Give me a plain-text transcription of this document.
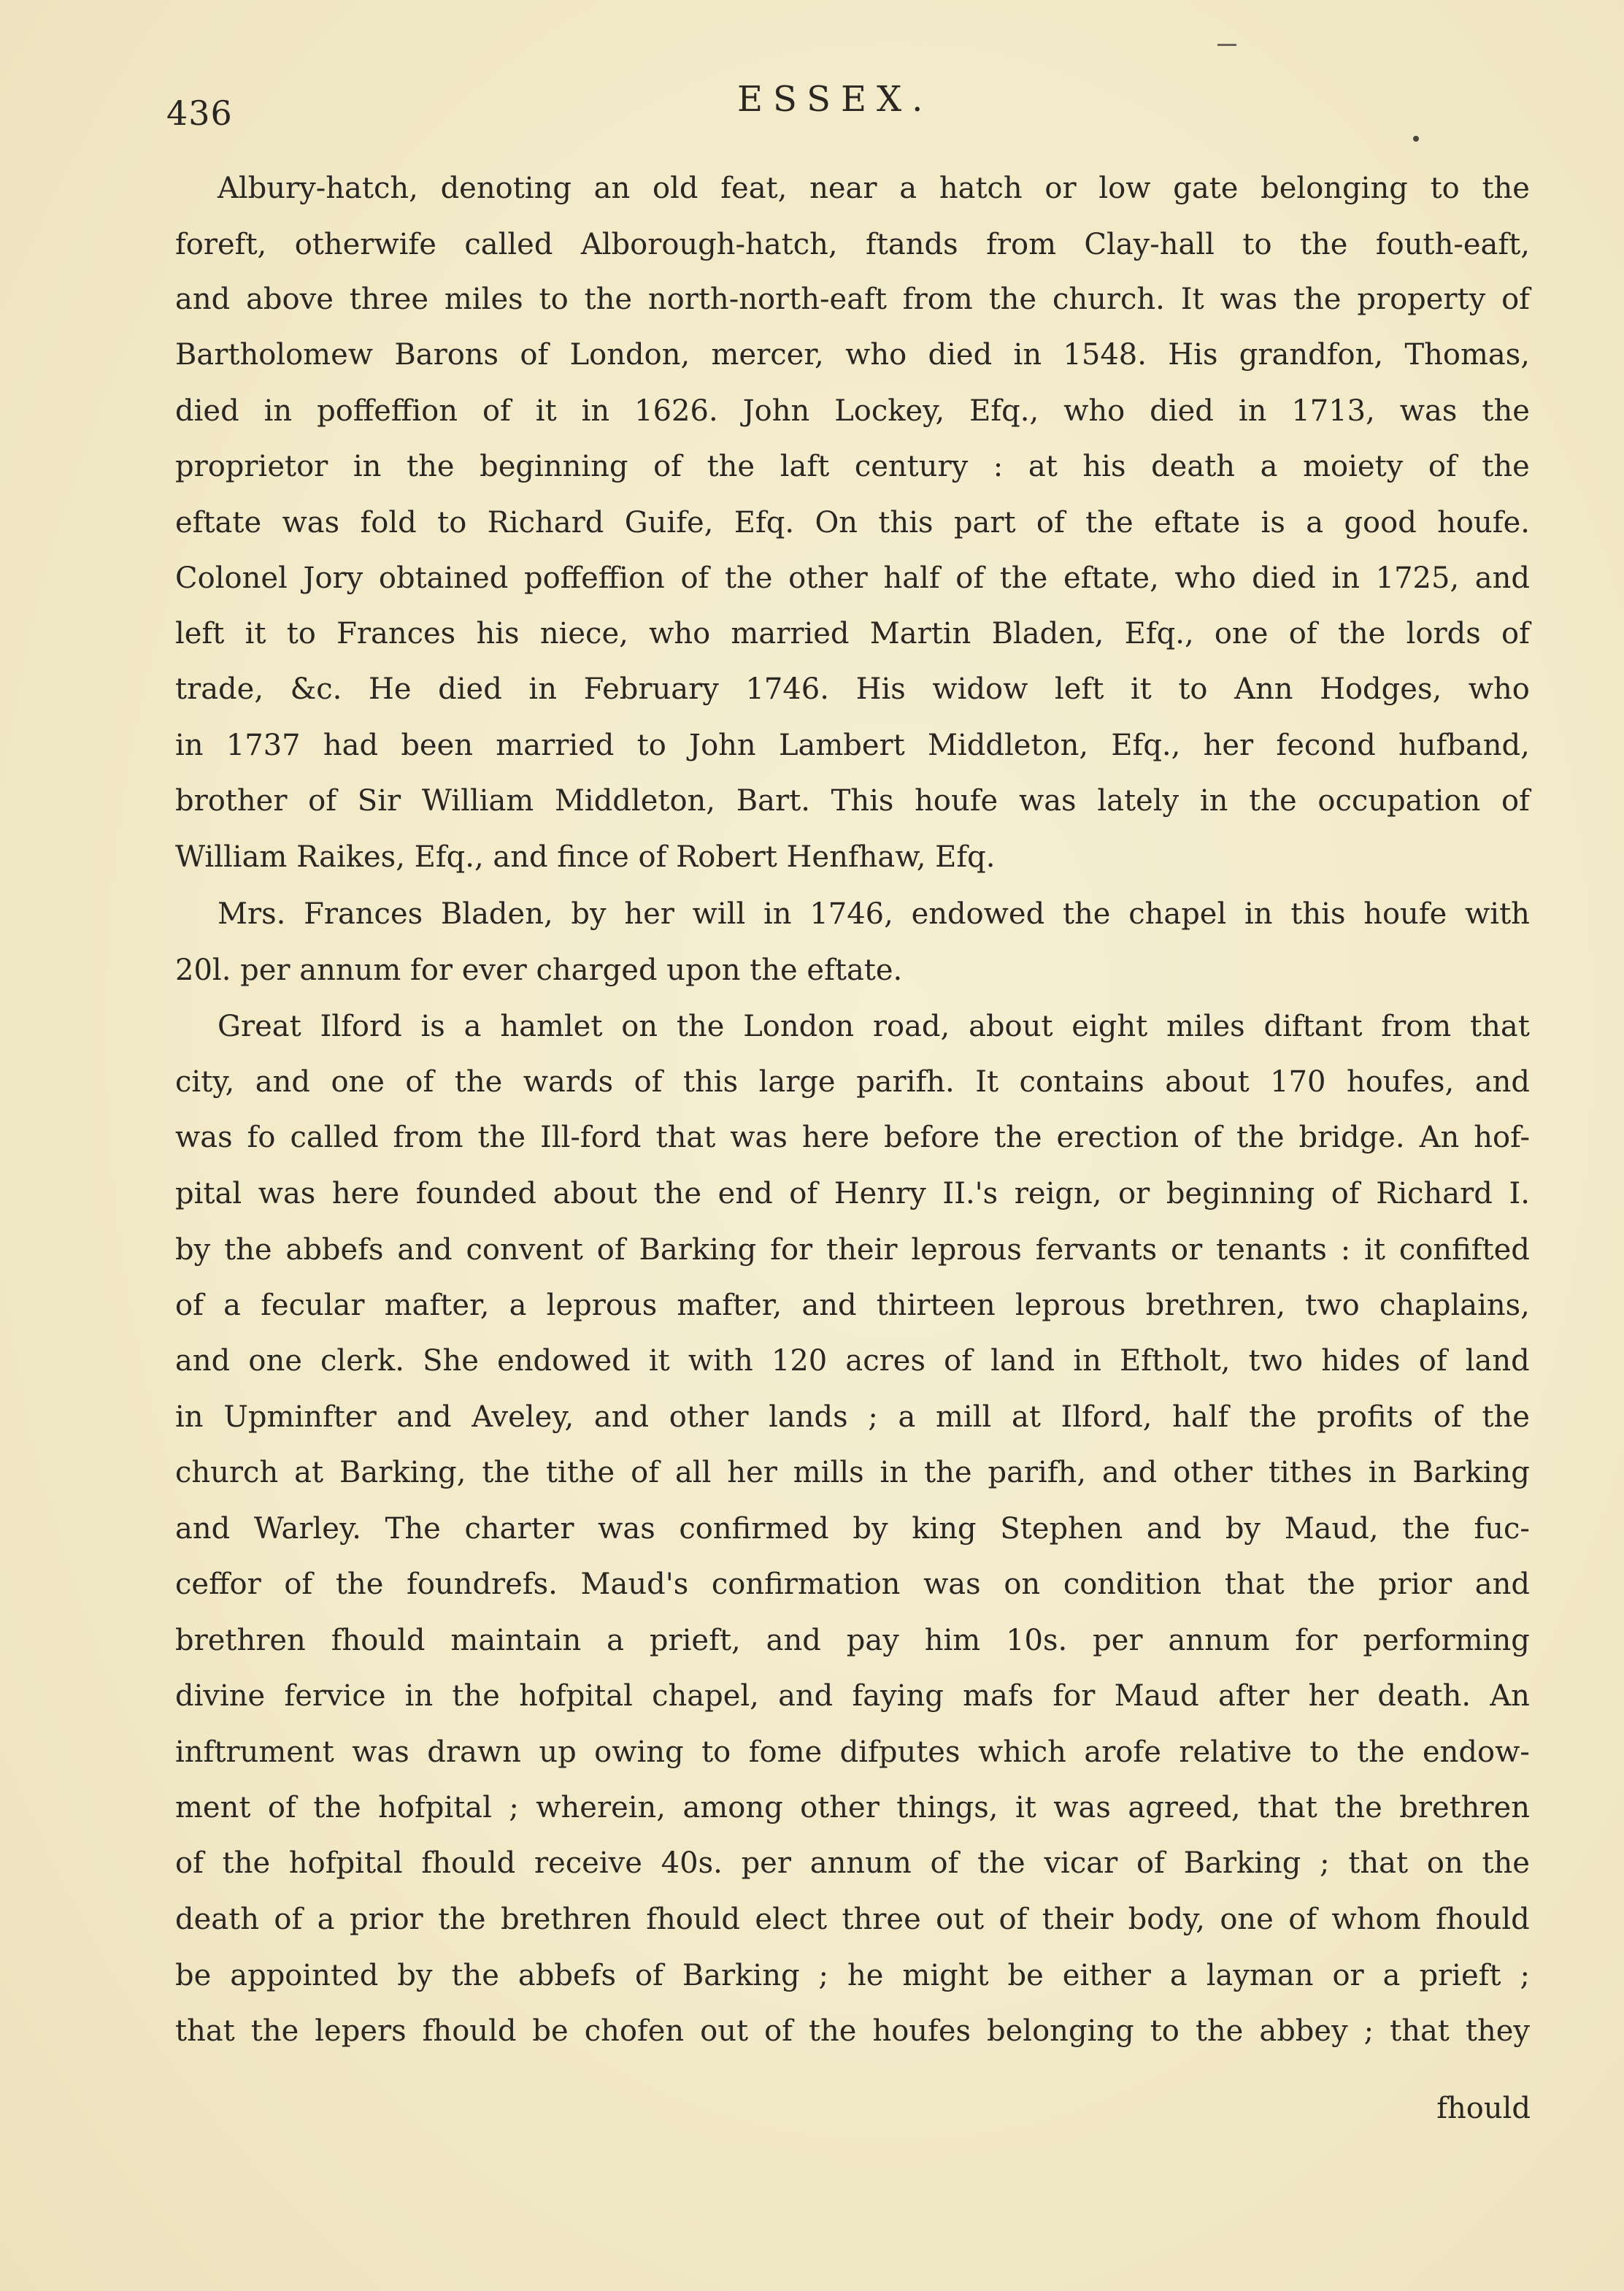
436	ESSEX.
Albury-hatch, denoting an old feat, near a hatch or low gate belonging to the
foreft, otherwife called Alborough-hatch, ftands from Clay-hall to the fouth-eaft,
and above three miles to the north-north-eaft from the church. It was the property of
Bartholomew Barons of London, mercer, who died in 1548. His grandfon, Thomas,
died in poffeffion of it in 1626. John Lockey, Efq., who died in 1713, was the
proprietor in the beginning of the laft century : at his death a moiety of the
eftate was fold to Richard Guife, Efq. On this part of the eftate is a good houfe.
Colonel Jory obtained poffeffion of the other half of the eftate, who died in 1725, and
left it to Frances his niece, who married Martin Bladen, Efq., one of the lords of
trade, &c. He died in February 1746. His widow left it to Ann Hodges, who
in 1737 had been married to John Lambert Middleton, Efq., her fecond hufband,
brother of Sir William Middleton, Bart. This houfe was lately in the occupation of
William Raikes, Efq., and fince of Robert Henfhaw, Efq.
Mrs. Frances Bladen, by her will in 1746, endowed the chapel in this houfe with
20l. per annum for ever charged upon the eftate.
Great Ilford is a hamlet on the London road, about eight miles diftant from that
city, and one of the wards of this large parifh. It contains about 170 houfes, and
was fo called from the Ill-ford that was here before the erection of the bridge. An hof-
pital was here founded about the end of Henry II.'s reign, or beginning of Richard I.
by the abbefs and convent of Barking for their leprous fervants or tenants : it confifted
of a fecular mafter, a leprous mafter, and thirteen leprous brethren, two chaplains,
and one clerk. She endowed it with 120 acres of land in Eftholt, two hides of land
in Upminfter and Aveley, and other lands ; a mill at Ilford, half the profits of the
church at Barking, the tithe of all her mills in the parifh, and other tithes in Barking
and Warley. The charter was confirmed by king Stephen and by Maud, the fuc-
ceffor of the foundrefs. Maud's confirmation was on condition that the prior and
brethren fhould maintain a prieft, and pay him 10s. per annum for performing
divine fervice in the hofpital chapel, and faying mafs for Maud after her death. An
inftrument was drawn up owing to fome difputes which arofe relative to the endow-
ment of the hofpital ; wherein, among other things, it was agreed, that the brethren
of the hofpital fhould receive 40s. per annum of the vicar of Barking ; that on the
death of a prior the brethren fhould elect three out of their body, one of whom fhould
be appointed by the abbefs of Barking ; he might be either a layman or a prieft ;
that the lepers fhould be chofen out of the houfes belonging to the abbey ; that they
fhould
